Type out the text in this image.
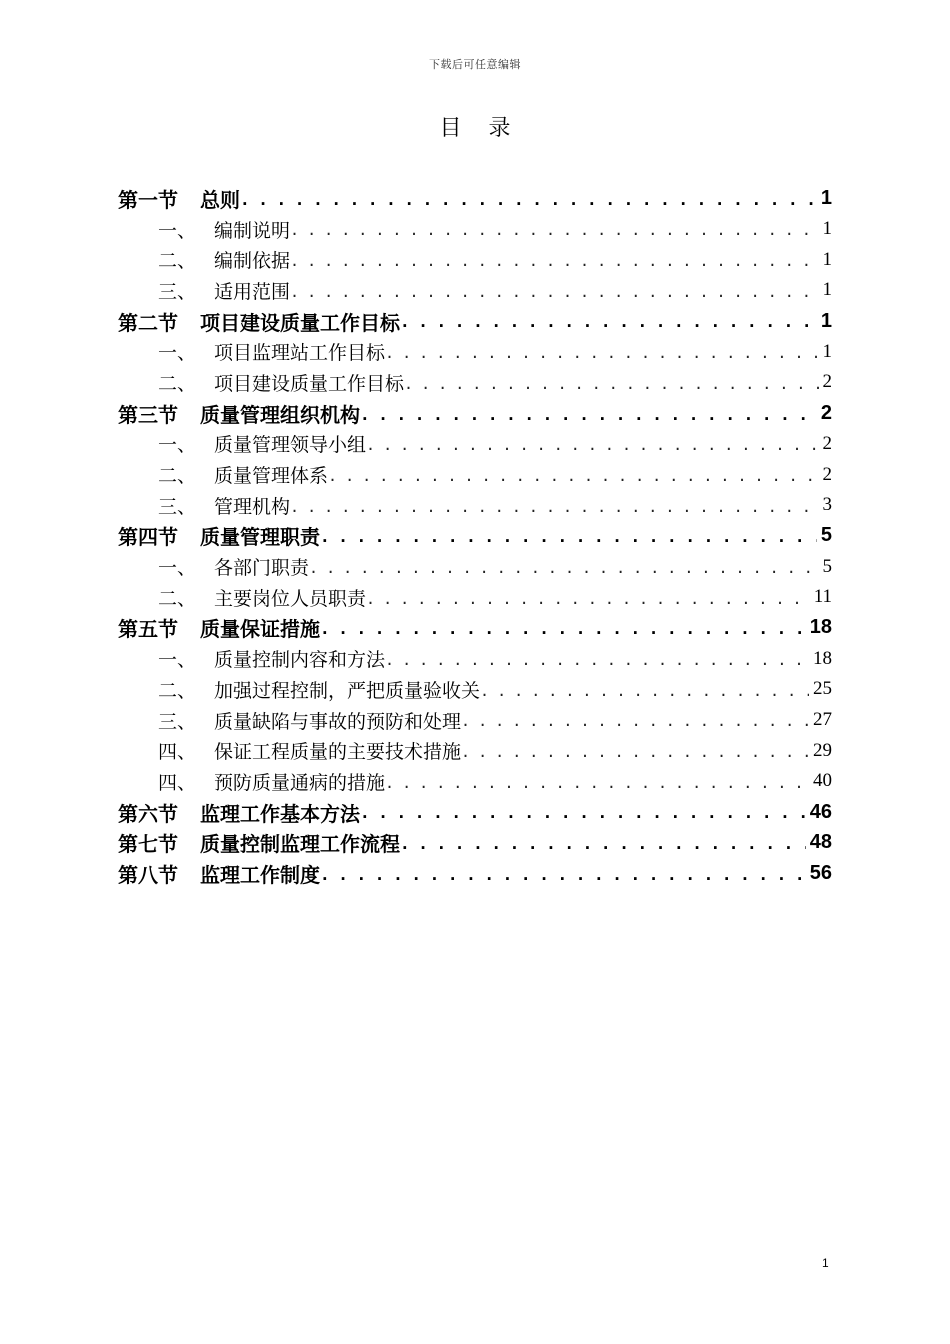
下载后可任意编辑
目 录
第一节	总则 . . .	1
一、 编制说明 . . .	1
二、 编制依据 . . .	1
三、 适用范围 . . .	1
第二节	项目建设质量工作目标 . . .	1
一、 项目监理站工作目标 . . .	1
二、 项目建设质量工作目标 . . .	2
第三节	质量管理组织机构 . . .	2
一、 质量管理领导小组 . . .	2
二、 质量管理体系 . . .	2
三、 管理机构 . . .	3
第四节	质量管理职责 . . .	5
一、 各部门职责 . . .	5
二、 主要岗位人员职责 . . .	11
第五节	质量保证措施 . . .	18
一、 质量控制内容和方法 . . .	18
二、 加强过程控制，严把质量验收关 . . .	25
三、 质量缺陷与事故的预防和处理 . . .	27
四、 保证工程质量的主要技术措施 . . .	29
四、 预防质量通病的措施 . . .	40
第六节	监理工作基本方法 . . .	46
第七节	质量控制监理工作流程 . . .	48
第八节	监理工作制度 . . .	56
1
